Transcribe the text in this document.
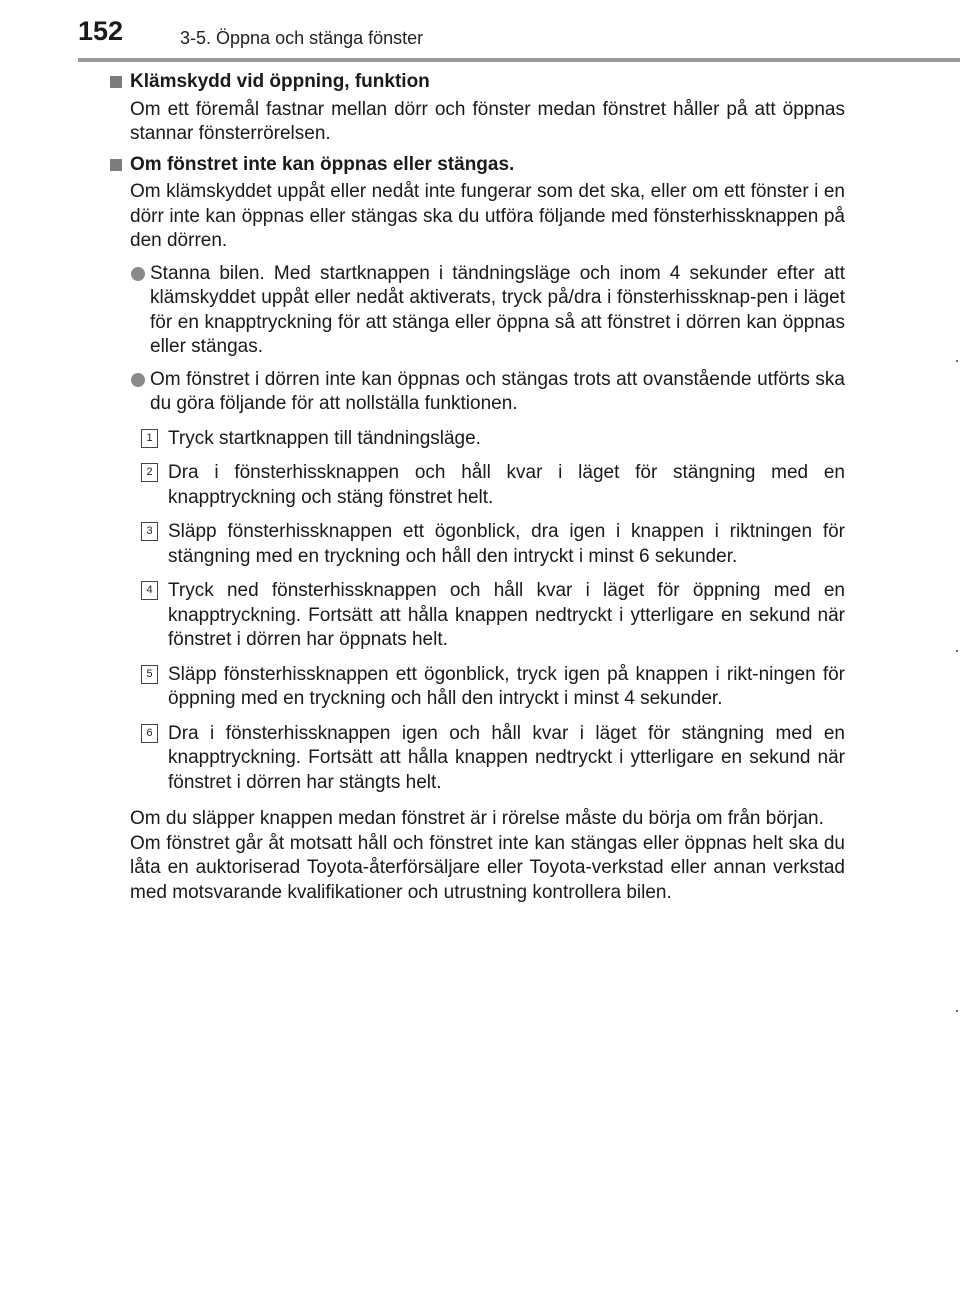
152	3-5. Öppna och stänga fönster

Klämskydd vid öppning, funktion

Om ett föremål fastnar mellan dörr och fönster medan fönstret håller på att öppnas stannar fönsterrörelsen.

Om fönstret inte kan öppnas eller stängas.

Om klämskyddet uppåt eller nedåt inte fungerar som det ska, eller om ett fönster i en dörr inte kan öppnas eller stängas ska du utföra följande med fönsterhissknappen på den dörren.

Stanna bilen. Med startknappen i tändningsläge och inom 4 sekunder efter att klämskyddet uppåt eller nedåt aktiverats, tryck på/dra i fönsterhissknap-pen i läget för en knapptryckning för att stänga eller öppna så att fönstret i dörren kan öppnas eller stängas.
Om fönstret i dörren inte kan öppnas och stängas trots att ovanstående utförts ska du göra följande för att nollställa funktionen.
1 Tryck startknappen till tändningsläge.
2 Dra i fönsterhissknappen och håll kvar i läget för stängning med en knapptryckning och stäng fönstret helt.
3 Släpp fönsterhissknappen ett ögonblick, dra igen i knappen i riktningen för stängning med en tryckning och håll den intryckt i minst 6 sekunder.
4 Tryck ned fönsterhissknappen och håll kvar i läget för öppning med en knapptryckning. Fortsätt att hålla knappen nedtryckt i ytterligare en sekund när fönstret i dörren har öppnats helt.
5 Släpp fönsterhissknappen ett ögonblick, tryck igen på knappen i rikt-ningen för öppning med en tryckning och håll den intryckt i minst 4 sekunder.
6 Dra i fönsterhissknappen igen och håll kvar i läget för stängning med en knapptryckning. Fortsätt att hålla knappen nedtryckt i ytterligare en sekund när fönstret i dörren har stängts helt.

Om du släpper knappen medan fönstret är i rörelse måste du börja om från början.

Om fönstret går åt motsatt håll och fönstret inte kan stängas eller öppnas helt ska du låta en auktoriserad Toyota-återförsäljare eller Toyota-verkstad eller annan verkstad med motsvarande kvalifikationer och utrustning kontrollera bilen.
